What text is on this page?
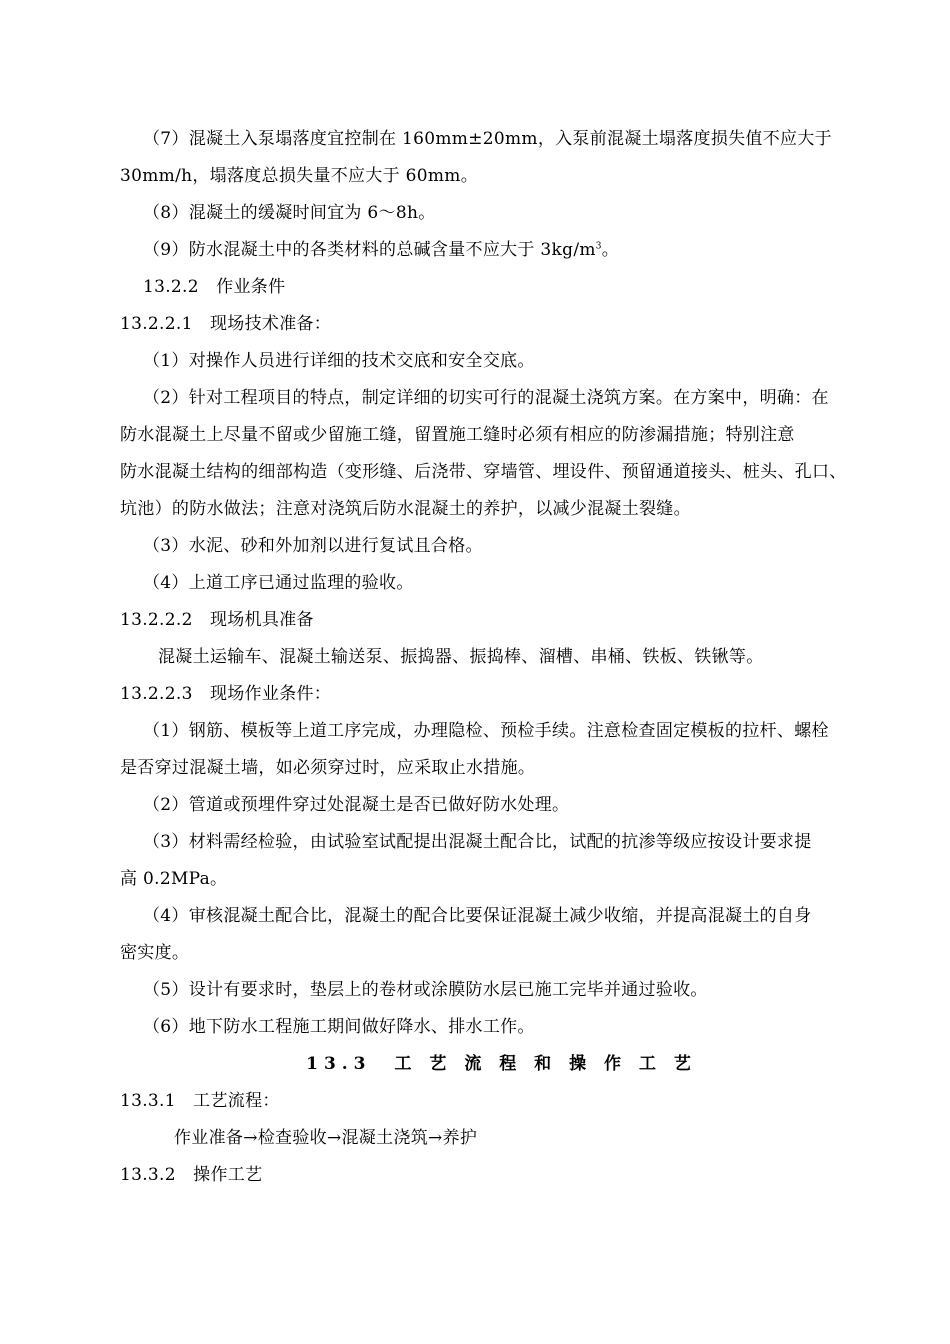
（7）混凝土入泵塌落度宜控制在 160mm±20mm，入泵前混凝土塌落度损失值不应大于
30mm/h，塌落度总损失量不应大于 60mm。
（8）混凝土的缓凝时间宜为 6～8h。
（9）防水混凝土中的各类材料的总碱含量不应大于 $3kg/m^3$。
13.2.2　作业条件
13.2.2.1　现场技术准备：
（1）对操作人员进行详细的技术交底和安全交底。
（2）针对工程项目的特点，制定详细的切实可行的混凝土浇筑方案。在方案中，明确：在
防水混凝土上尽量不留或少留施工缝，留置施工缝时必须有相应的防渗漏措施；特别注意
防水混凝土结构的细部构造（变形缝、后浇带、穿墙管、埋设件、预留通道接头、桩头、孔口、
坑池）的防水做法；注意对浇筑后防水混凝土的养护，以减少混凝土裂缝。
（3）水泥、砂和外加剂以进行复试且合格。
（4）上道工序已通过监理的验收。
13.2.2.2　现场机具准备
混凝土运输车、混凝土输送泵、振捣器、振捣棒、溜槽、串桶、铁板、铁锹等。
13.2.2.3　现场作业条件：
（1）钢筋、模板等上道工序完成，办理隐检、预检手续。注意检查固定模板的拉杆、螺栓
是否穿过混凝土墙，如必须穿过时，应采取止水措施。
（2）管道或预埋件穿过处混凝土是否已做好防水处理。
（3）材料需经检验，由试验室试配提出混凝土配合比，试配的抗渗等级应按设计要求提
高 0.2MPa。
（4）审核混凝土配合比，混凝土的配合比要保证混凝土减少收缩，并提高混凝土的自身
密实度。
（5）设计有要求时，垫层上的卷材或涂膜防水层已施工完毕并通过验收。
（6）地下防水工程施工期间做好降水、排水工作。
13.3　工 艺 流 程 和 操 作 工 艺
13.3.1　工艺流程：
作业准备→检查验收→混凝土浇筑→养护
13.3.2　操作工艺
